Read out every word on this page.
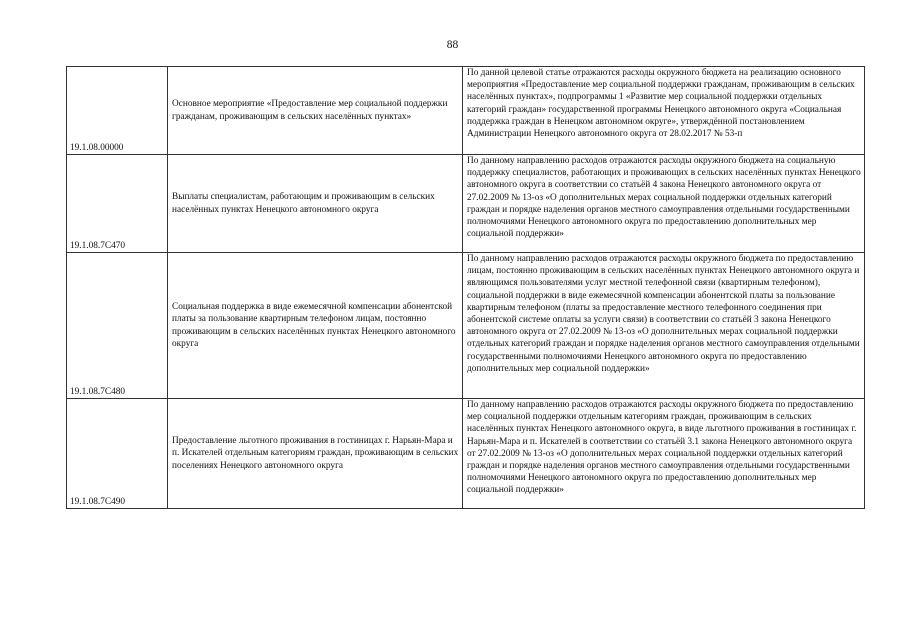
88
19.1.08.00000	Основное мероприятие «Предоставление мер социальной поддержки гражданам, проживающим в сельских населённых пунктах»	По данной целевой статье отражаются расходы окружного бюджета на реализацию основного мероприятия «Предоставление мер социальной поддержки гражданам, проживающим в сельских населённых пунктах», подпрограммы 1 «Развитие мер социальной поддержки отдельных категорий граждан» государственной программы Ненецкого автономного округа «Социальная поддержка граждан в Ненецком автономном округе», утверждённой постановлением Администрации Ненецкого автономного округа от 28.02.2017 № 53-п
19.1.08.7С470	Выплаты специалистам, работающим и проживающим в сельских населённых пунктах Ненецкого автономного округа	По данному направлению расходов отражаются расходы окружного бюджета на социальную поддержку специалистов, работающих и проживающих в сельских населённых пунктах Ненецкого автономного округа в соответствии со статьёй 4 закона Ненецкого автономного округа от 27.02.2009 № 13-оз «О дополнительных мерах социальной поддержки отдельных категорий граждан и порядке наделения органов местного самоуправления отдельными государственными полномочиями Ненецкого автономного округа по предоставлению дополнительных мер социальной поддержки»
19.1.08.7С480	Социальная поддержка в виде ежемесячной компенсации абонентской платы за пользование квартирным телефоном лицам, постоянно проживающим в сельских населённых пунктах Ненецкого автономного округа	По данному направлению расходов отражаются расходы окружного бюджета по предоставлению лицам, постоянно проживающим в сельских населённых пунктах Ненецкого автономного округа и являющимся пользователями услуг местной телефонной связи (квартирным телефоном), социальной поддержки в виде ежемесячной компенсации абонентской платы за пользование квартирным телефоном (платы за предоставление местного телефонного соединения при абонентской системе оплаты за услуги связи) в соответствии со статьёй 3 закона Ненецкого автономного округа от 27.02.2009 № 13-оз «О дополнительных мерах социальной поддержки отдельных категорий граждан и порядке наделения органов местного самоуправления отдельными государственными полномочиями Ненецкого автономного округа по предоставлению дополнительных мер социальной поддержки»
19.1.08.7С490	Предоставление льготного проживания в гостиницах г. Нарьян-Мара и п. Искателей отдельным категориям граждан, проживающим в сельских поселениях Ненецкого автономного округа	По данному направлению расходов отражаются расходы окружного бюджета по предоставлению мер социальной поддержки отдельным категориям граждан, проживающим в сельских населённых пунктах Ненецкого автономного округа, в виде льготного проживания в гостиницах г. Нарьян-Мара и п. Искателей в соответствии со статьёй 3.1 закона Ненецкого автономного округа от 27.02.2009 № 13-оз «О дополнительных мерах социальной поддержки отдельных категорий граждан и порядке наделения органов местного самоуправления отдельными государственными полномочиями Ненецкого автономного округа по предоставлению дополнительных мер социальной поддержки»
